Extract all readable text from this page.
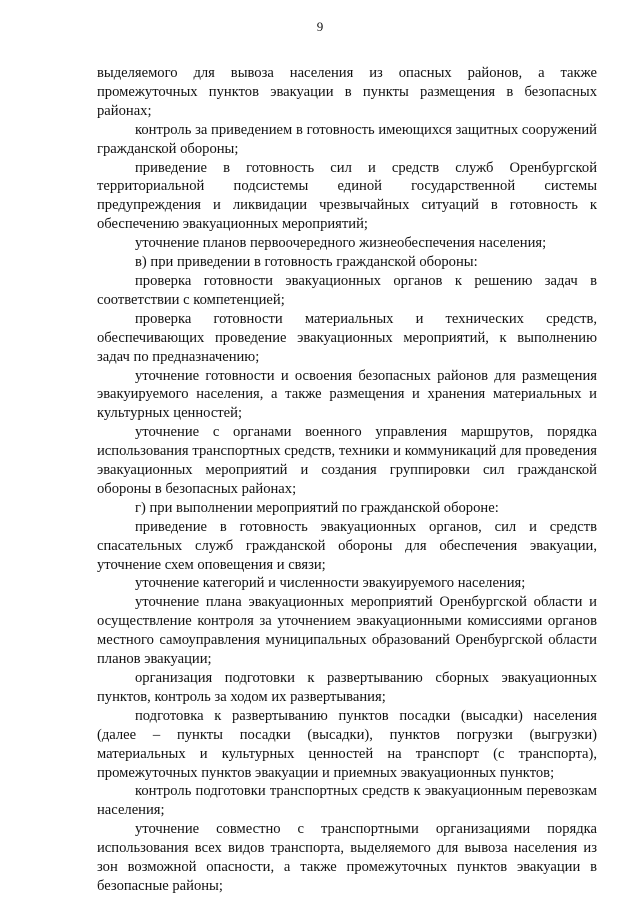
9

выделяемого для вывоза населения из опасных районов, а также промежуточных пунктов эвакуации в пункты размещения в безопасных районах;

контроль за приведением в готовность имеющихся защитных сооружений гражданской обороны;

приведение в готовность сил и средств служб Оренбургской территориальной подсистемы единой государственной системы предупреждения и ликвидации чрезвычайных ситуаций в готовность к обеспечению эвакуационных мероприятий;

уточнение планов первоочередного жизнеобеспечения населения;

в) при приведении в готовность гражданской обороны:

проверка готовности эвакуационных органов к решению задач в соответствии с компетенцией;

проверка готовности материальных и технических средств, обеспечивающих проведение эвакуационных мероприятий, к выполнению задач по предназначению;

уточнение готовности и освоения безопасных районов для размещения эвакуируемого населения, а также размещения и хранения материальных и культурных ценностей;

уточнение с органами военного управления маршрутов, порядка использования транспортных средств, техники и коммуникаций для проведения эвакуационных мероприятий и создания группировки сил гражданской обороны в безопасных районах;

г) при выполнении мероприятий по гражданской обороне:

приведение в готовность эвакуационных органов, сил и средств спасательных служб гражданской обороны для обеспечения эвакуации, уточнение схем оповещения и связи;

уточнение категорий и численности эвакуируемого населения;

уточнение плана эвакуационных мероприятий Оренбургской области и осуществление контроля за уточнением эвакуационными комиссиями органов местного самоуправления муниципальных образований Оренбургской области планов эвакуации;

организация подготовки к развертыванию сборных эвакуационных пунктов, контроль за ходом их развертывания;

подготовка к развертыванию пунктов посадки (высадки) населения (далее – пункты посадки (высадки), пунктов погрузки (выгрузки) материальных и культурных ценностей на транспорт (с транспорта), промежуточных пунктов эвакуации и приемных эвакуационных пунктов;

контроль подготовки транспортных средств к эвакуационным перевозкам населения;

уточнение совместно с транспортными организациями порядка использования всех видов транспорта, выделяемого для вывоза населения из зон возможной опасности, а также промежуточных пунктов эвакуации в безопасные районы;
